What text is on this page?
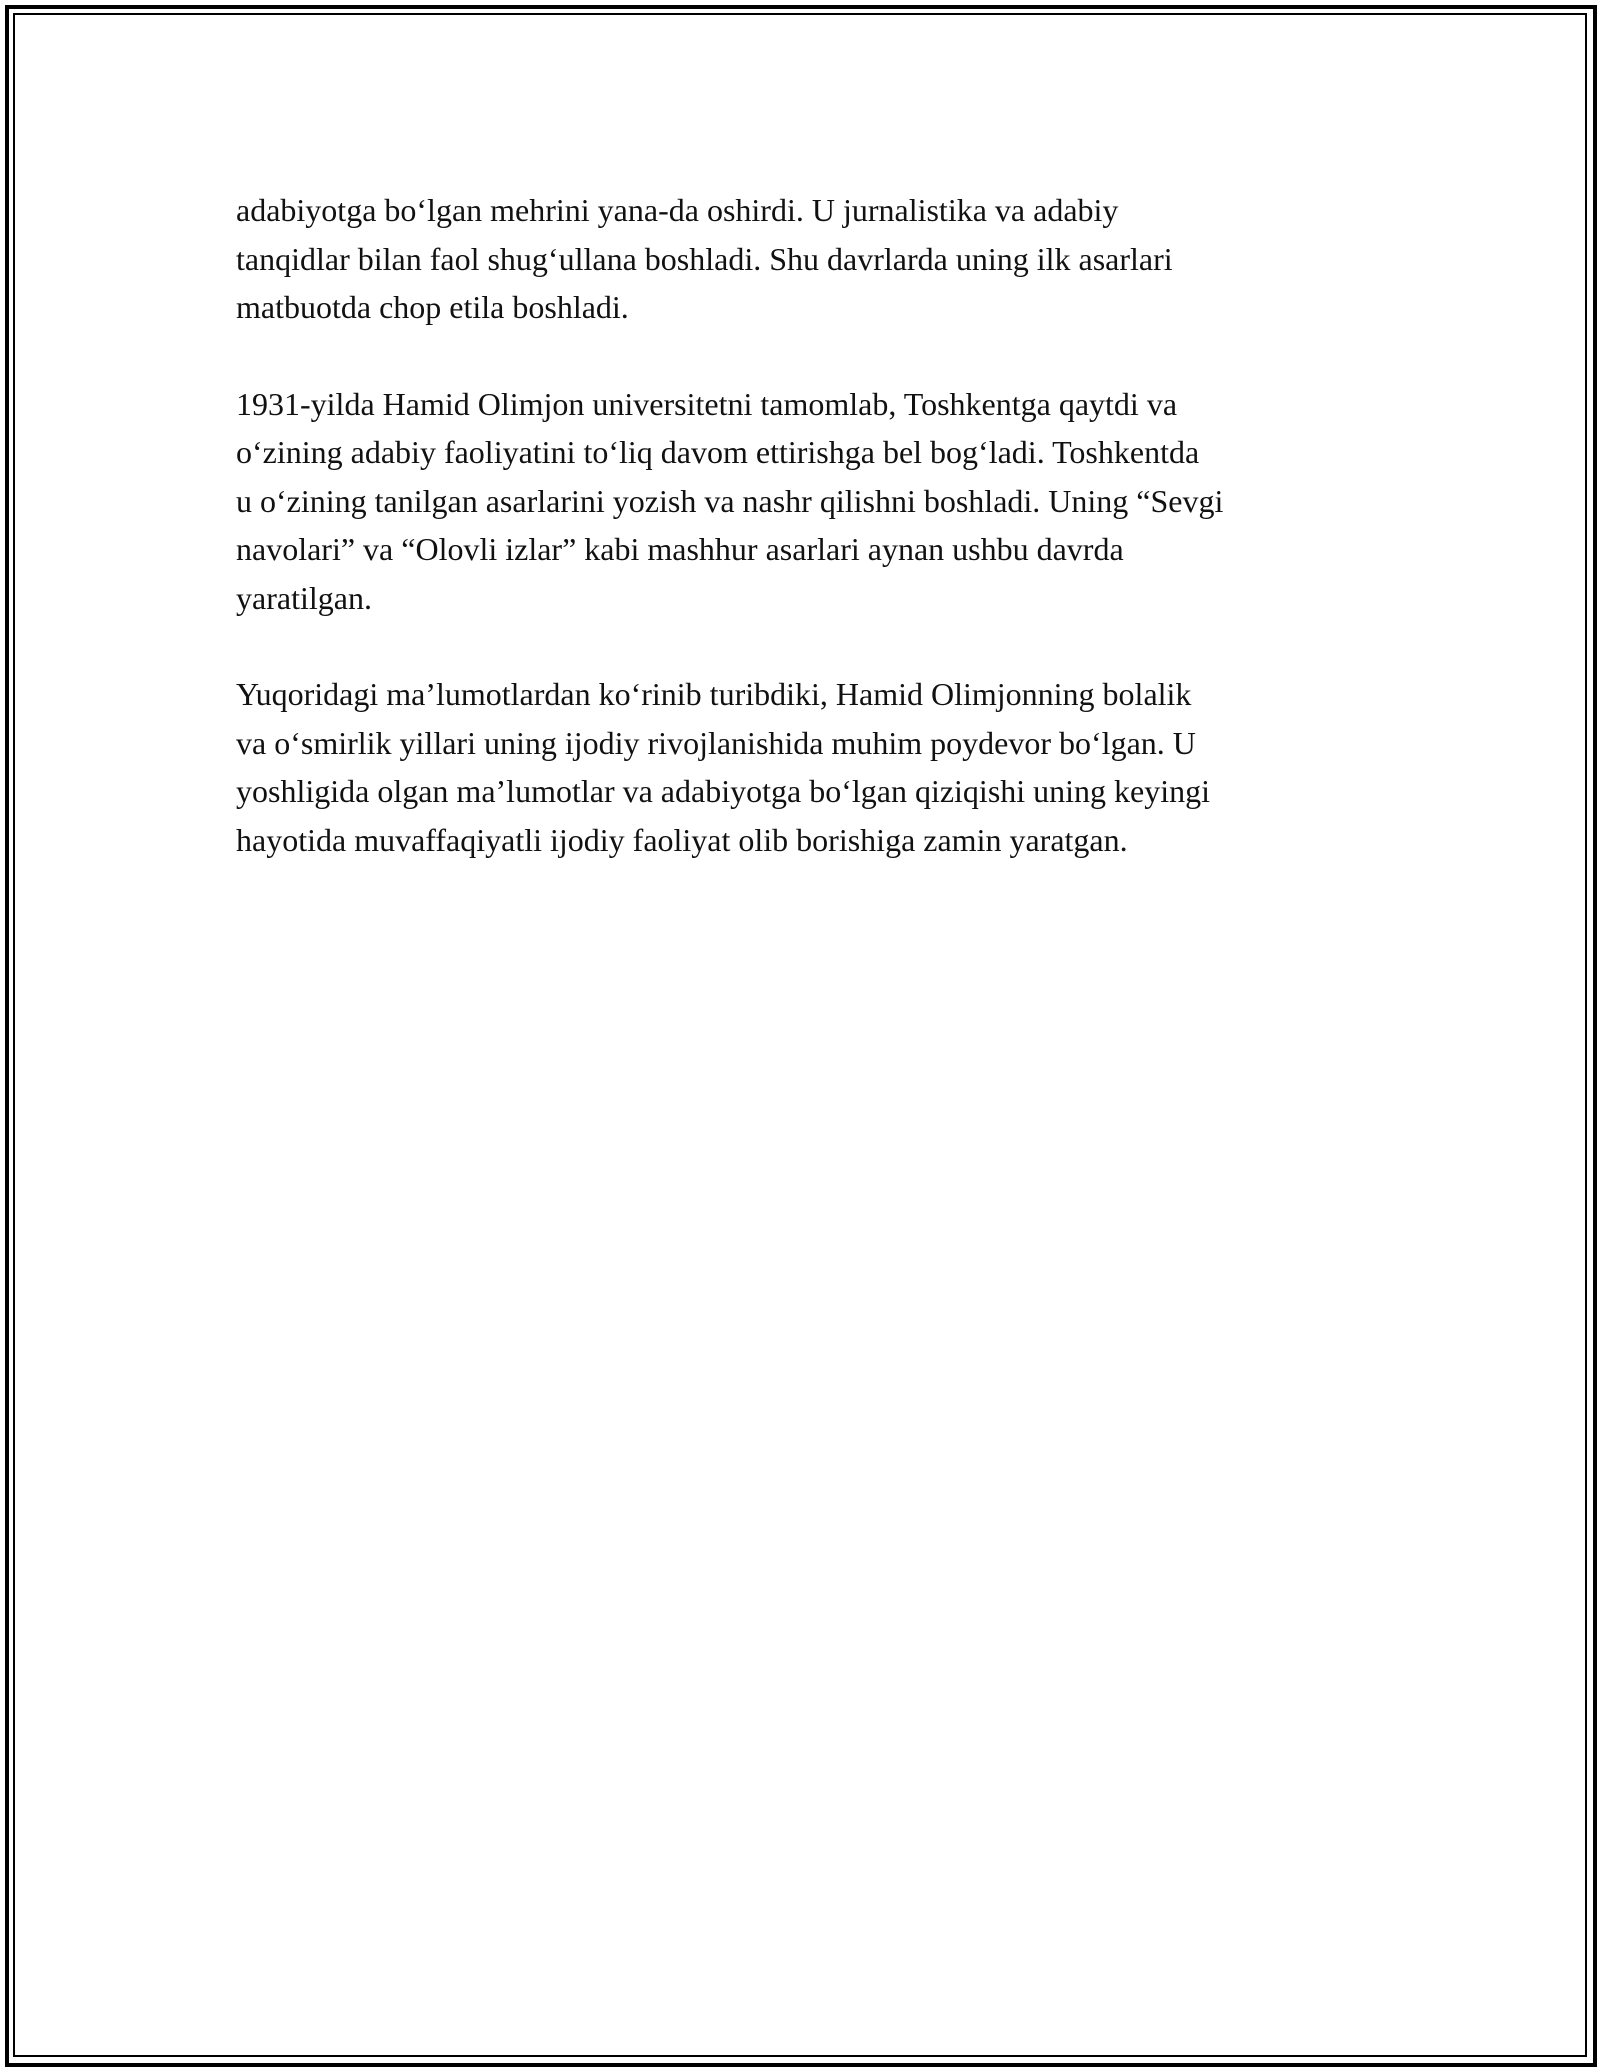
adabiyotga bo‘lgan mehrini yana-da oshirdi. U jurnalistika va adabiy
tanqidlar bilan faol shug‘ullana boshladi. Shu davrlarda uning ilk asarlari
matbuotda chop etila boshladi.

1931-yilda Hamid Olimjon universitetni tamomlab, Toshkentga qaytdi va
o‘zining adabiy faoliyatini to‘liq davom ettirishga bel bog‘ladi. Toshkentda
u o‘zining tanilgan asarlarini yozish va nashr qilishni boshladi. Uning “Sevgi
navolari” va “Olovli izlar” kabi mashhur asarlari aynan ushbu davrda
yaratilgan.

Yuqoridagi ma’lumotlardan ko‘rinib turibdiki, Hamid Olimjonning bolalik
va o‘smirlik yillari uning ijodiy rivojlanishida muhim poydevor bo‘lgan. U
yoshligida olgan ma’lumotlar va adabiyotga bo‘lgan qiziqishi uning keyingi
hayotida muvaffaqiyatli ijodiy faoliyat olib borishiga zamin yaratgan.
